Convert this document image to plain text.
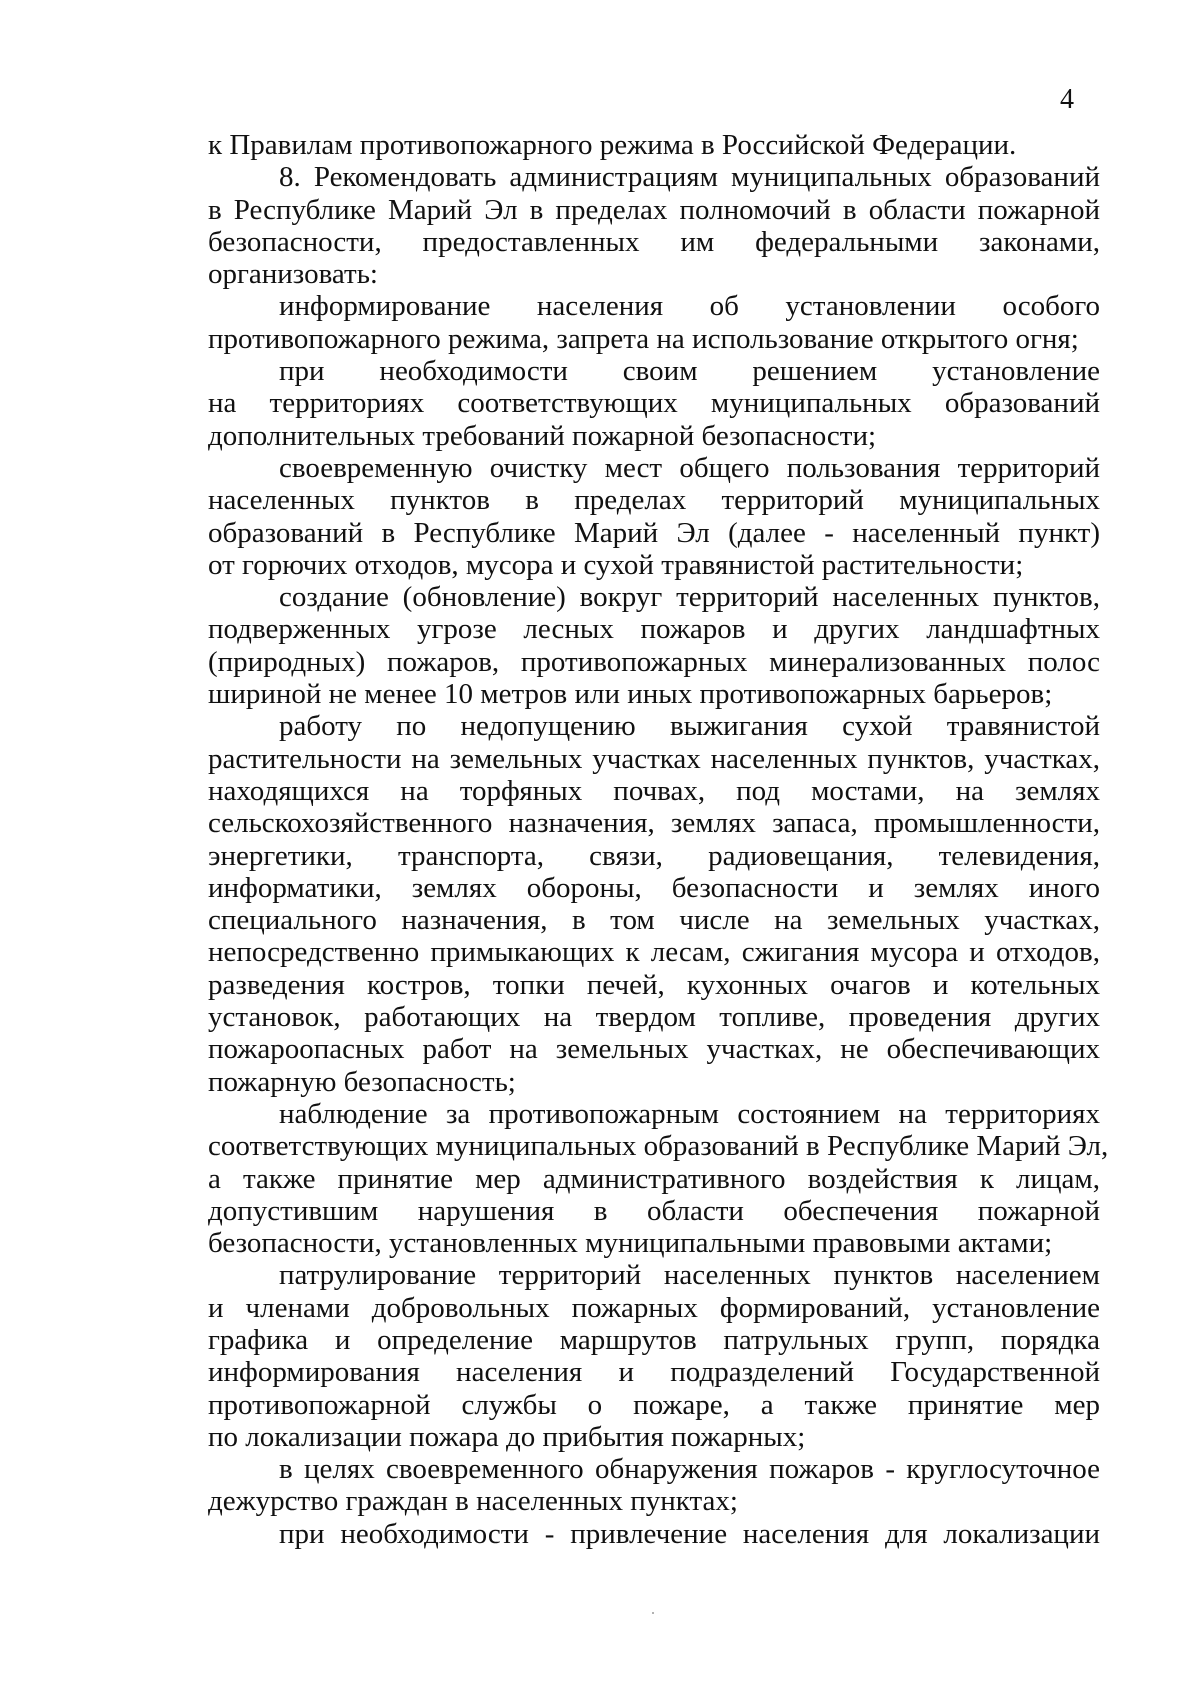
4
к Правилам противопожарного режима в Российской Федерации.
8. Рекомендовать администрациям муниципальных образований
в Республике Марий Эл в пределах полномочий в области пожарной
безопасности, предоставленных им федеральными законами,
организовать:
информирование населения об установлении особого
противопожарного режима, запрета на использование открытого огня;
при необходимости своим решением установление
на территориях соответствующих муниципальных образований
дополнительных требований пожарной безопасности;
своевременную очистку мест общего пользования территорий
населенных пунктов в пределах территорий муниципальных
образований в Республике Марий Эл (далее - населенный пункт)
от горючих отходов, мусора и сухой травянистой растительности;
создание (обновление) вокруг территорий населенных пунктов,
подверженных угрозе лесных пожаров и других ландшафтных
(природных) пожаров, противопожарных минерализованных полос
шириной не менее 10 метров или иных противопожарных барьеров;
работу по недопущению выжигания сухой травянистой
растительности на земельных участках населенных пунктов, участках,
находящихся на торфяных почвах, под мостами, на землях
сельскохозяйственного назначения, землях запаса, промышленности,
энергетики, транспорта, связи, радиовещания, телевидения,
информатики, землях обороны, безопасности и землях иного
специального назначения, в том числе на земельных участках,
непосредственно примыкающих к лесам, сжигания мусора и отходов,
разведения костров, топки печей, кухонных очагов и котельных
установок, работающих на твердом топливе, проведения других
пожароопасных работ на земельных участках, не обеспечивающих
пожарную безопасность;
наблюдение за противопожарным состоянием на территориях
соответствующих муниципальных образований в Республике Марий Эл,
а также принятие мер административного воздействия к лицам,
допустившим нарушения в области обеспечения пожарной
безопасности, установленных муниципальными правовыми актами;
патрулирование территорий населенных пунктов населением
и членами добровольных пожарных формирований, установление
графика и определение маршрутов патрульных групп, порядка
информирования населения и подразделений Государственной
противопожарной службы о пожаре, а также принятие мер
по локализации пожара до прибытия пожарных;
в целях своевременного обнаружения пожаров - круглосуточное
дежурство граждан в населенных пунктах;
при необходимости - привлечение населения для локализации
